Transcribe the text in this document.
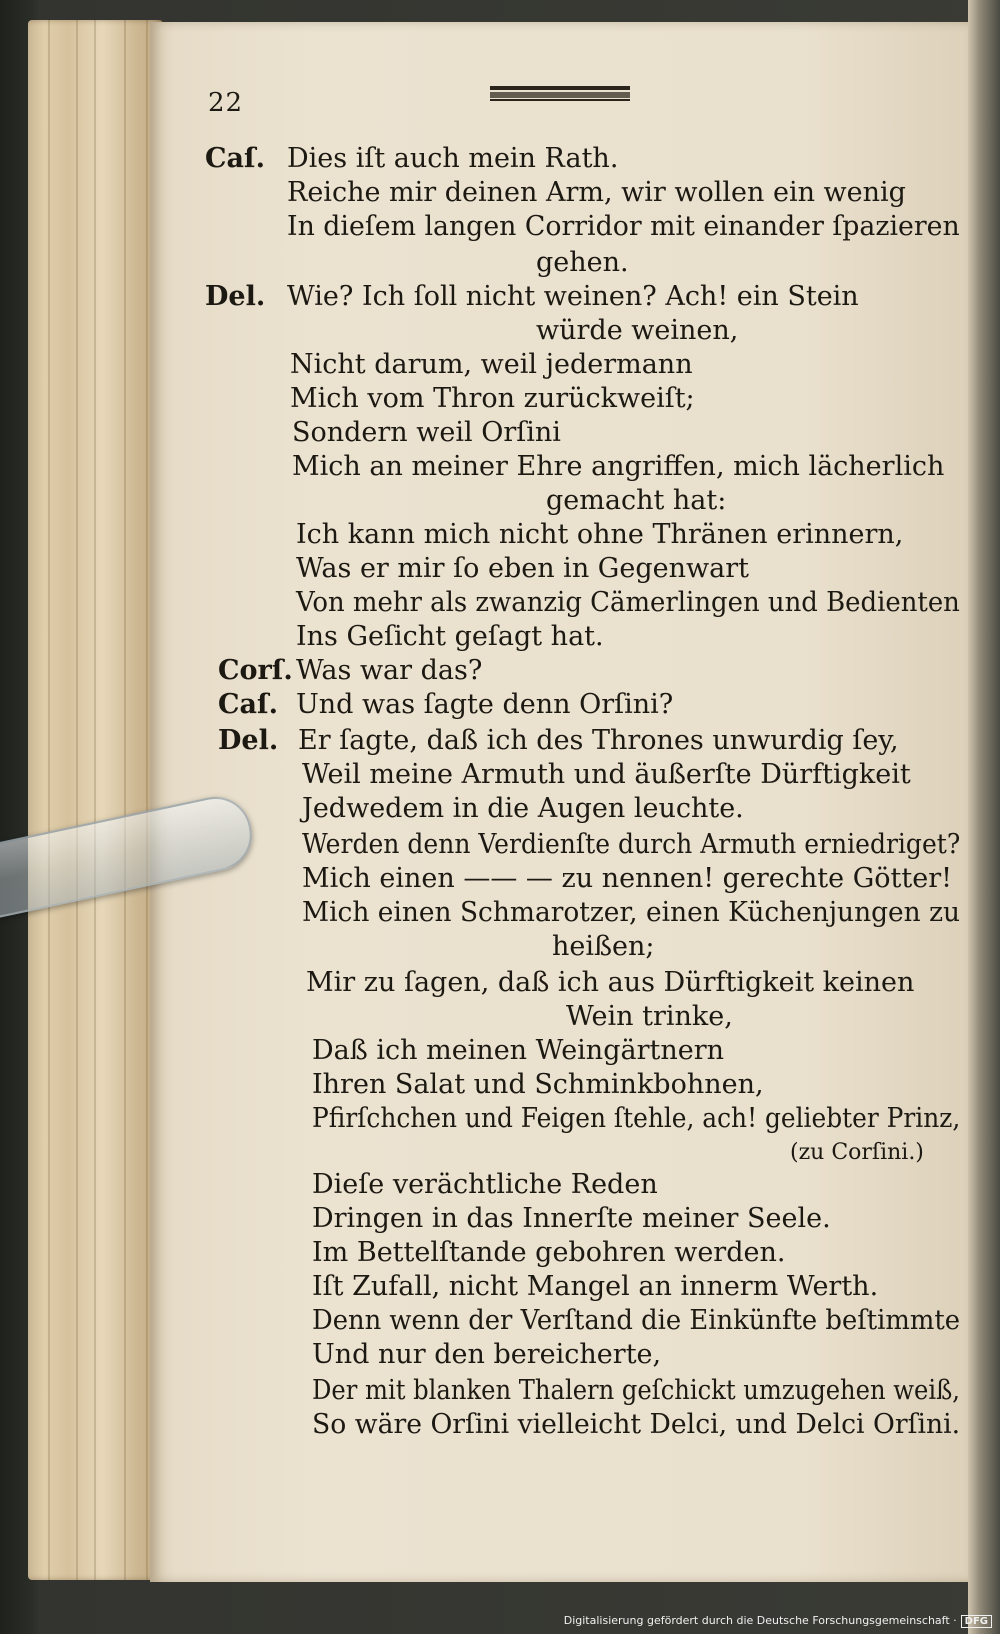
22
Caſ. Dies iſt auch mein Rath.
Reiche mir deinen Arm, wir wollen ein wenig
In dieſem langen Corridor mit einander ſpazieren
gehen.
Del. Wie? Ich ſoll nicht weinen? Ach! ein Stein
würde weinen,
Nicht darum, weil jedermann
Mich vom Thron zurückweiſt;
Sondern weil Orſini
Mich an meiner Ehre angriffen, mich lächerlich
gemacht hat:
Ich kann mich nicht ohne Thränen erinnern,
Was er mir ſo eben in Gegenwart
Von mehr als zwanzig Cämerlingen und Bedienten
Ins Geſicht geſagt hat.
Corſ. Was war das?
Caſ. Und was ſagte denn Orſini?
Del. Er ſagte, daß ich des Thrones unwurdig ſey,
Weil meine Armuth und äußerſte Dürftigkeit
Jedwedem in die Augen leuchte.
Werden denn Verdienſte durch Armuth erniedriget?
Mich einen —— — zu nennen! gerechte Götter!
Mich einen Schmarotzer, einen Küchenjungen zu
heißen;
Mir zu ſagen, daß ich aus Dürftigkeit keinen
Wein trinke,
Daß ich meinen Weingärtnern
Ihren Salat und Schminkbohnen,
Pfirſchchen und Feigen ſtehle, ach! geliebter Prinz,
(zu Corſini.)
Dieſe verächtliche Reden
Dringen in das Innerſte meiner Seele.
Im Bettelſtande gebohren werden.
Iſt Zufall, nicht Mangel an innerm Werth.
Denn wenn der Verſtand die Einkünfte beſtimmte
Und nur den bereicherte,
Der mit blanken Thalern geſchickt umzugehen weiß,
So wäre Orſini vielleicht Delci, und Delci Orſini.
Digitalisierung gefördert durch die Deutsche Forschungsgemeinschaft · DFG
